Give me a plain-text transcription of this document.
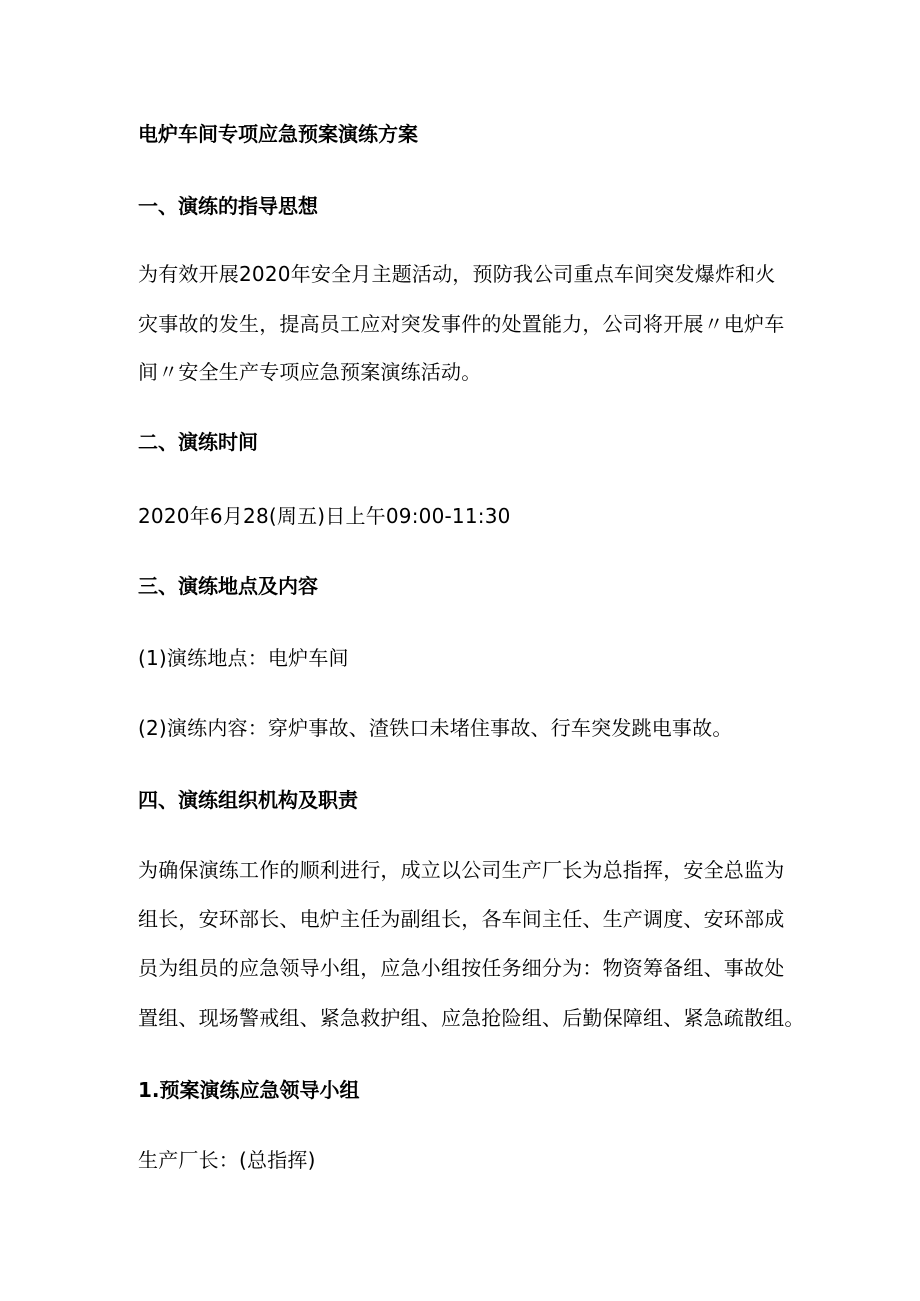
电炉车间专项应急预案演练方案
一、演练的指导思想
为有效开展2020年安全月主题活动，预防我公司重点车间突发爆炸和火
灾事故的发生，提高员工应对突发事件的处置能力，公司将开展〃电炉车
间〃安全生产专项应急预案演练活动。
二、演练时间
2020年6月28(周五)日上午09:00-11:30
三、演练地点及内容
(1)演练地点：电炉车间
(2)演练内容：穿炉事故、渣铁口未堵住事故、行车突发跳电事故。
四、演练组织机构及职责
为确保演练工作的顺利进行，成立以公司生产厂长为总指挥，安全总监为
组长，安环部长、电炉主任为副组长，各车间主任、生产调度、安环部成
员为组员的应急领导小组，应急小组按任务细分为：物资筹备组、事故处
置组、现场警戒组、紧急救护组、应急抢险组、后勤保障组、紧急疏散组。
1.预案演练应急领导小组
生产厂长：(总指挥)
